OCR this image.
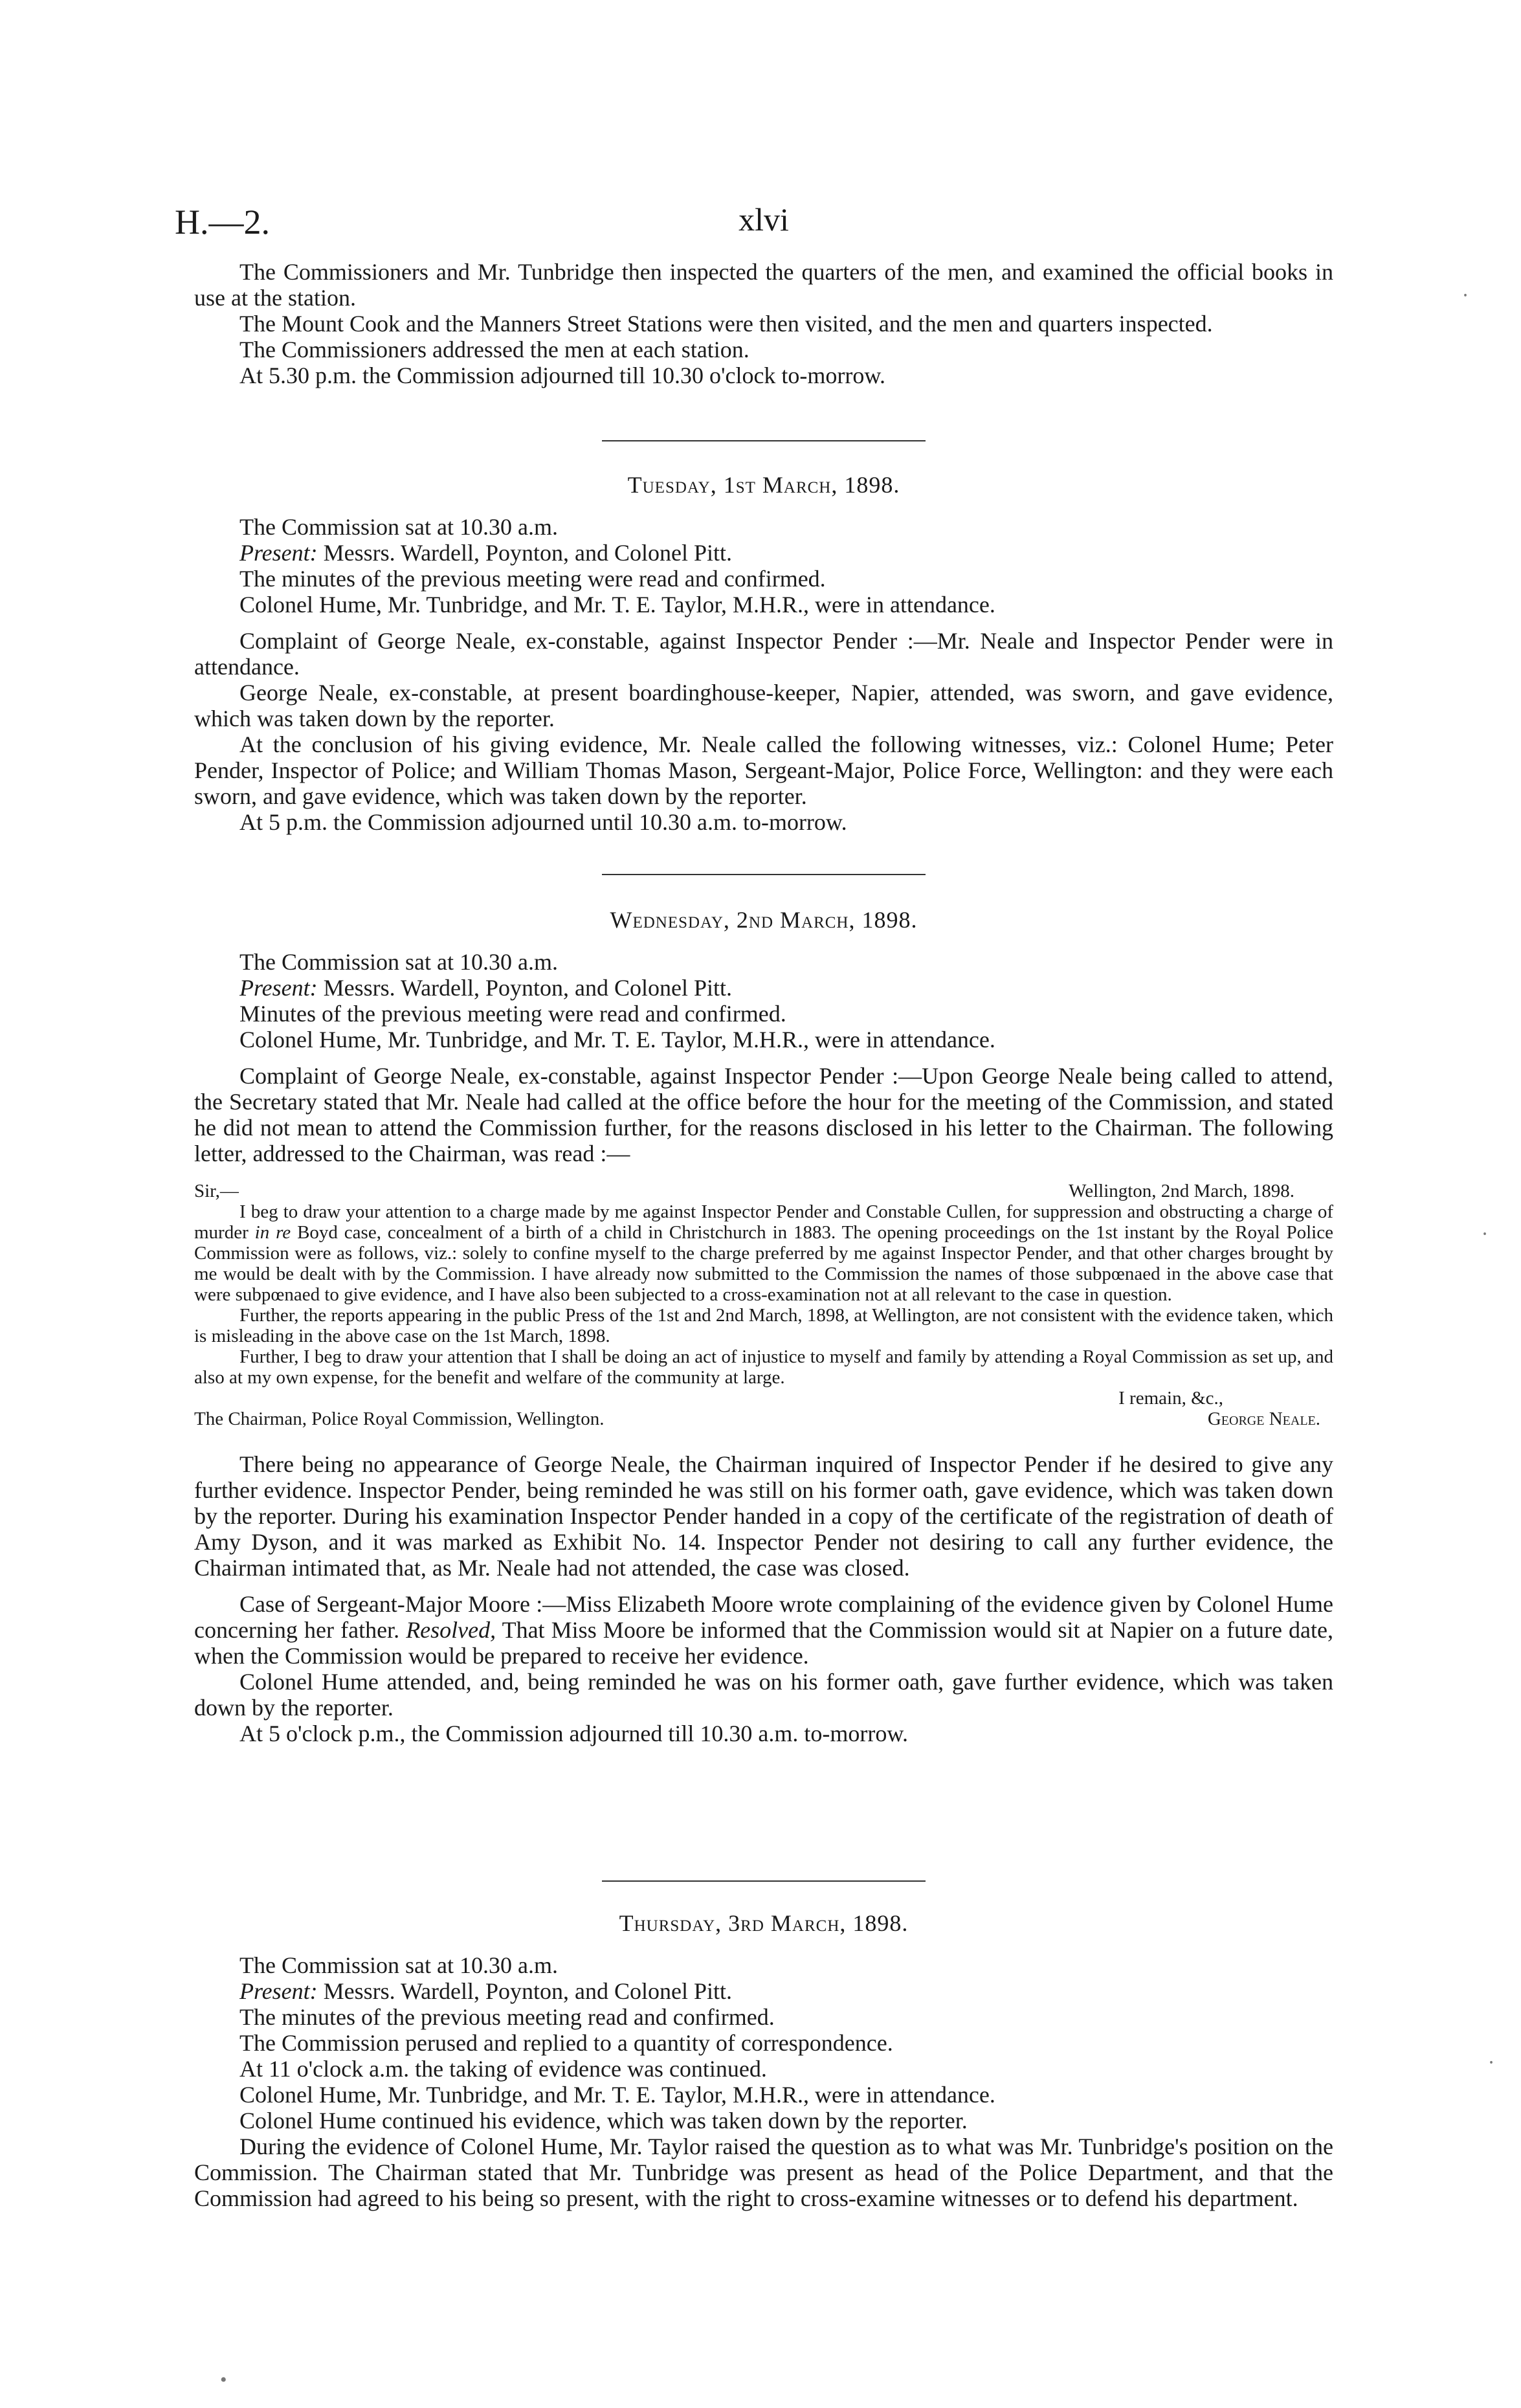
H.—2.	xlvi

The Commissioners and Mr. Tunbridge then inspected the quarters of the men, and examined the official books in use at the station.

The Mount Cook and the Manners Street Stations were then visited, and the men and quarters inspected.

The Commissioners addressed the men at each station.

At 5.30 p.m. the Commission adjourned till 10.30 o'clock to-morrow.

Tuesday, 1st March, 1898.

The Commission sat at 10.30 a.m.

Present: Messrs. Wardell, Poynton, and Colonel Pitt.

The minutes of the previous meeting were read and confirmed.

Colonel Hume, Mr. Tunbridge, and Mr. T. E. Taylor, M.H.R., were in attendance.

Complaint of George Neale, ex-constable, against Inspector Pender :—Mr. Neale and Inspector Pender were in attendance.

George Neale, ex-constable, at present boardinghouse-keeper, Napier, attended, was sworn, and gave evidence, which was taken down by the reporter.

At the conclusion of his giving evidence, Mr. Neale called the following witnesses, viz.: Colonel Hume; Peter Pender, Inspector of Police; and William Thomas Mason, Sergeant-Major, Police Force, Wellington: and they were each sworn, and gave evidence, which was taken down by the reporter.

At 5 p.m. the Commission adjourned until 10.30 a.m. to-morrow.

Wednesday, 2nd March, 1898.

The Commission sat at 10.30 a.m.

Present: Messrs. Wardell, Poynton, and Colonel Pitt.

Minutes of the previous meeting were read and confirmed.

Colonel Hume, Mr. Tunbridge, and Mr. T. E. Taylor, M.H.R., were in attendance.

Complaint of George Neale, ex-constable, against Inspector Pender :—Upon George Neale being called to attend, the Secretary stated that Mr. Neale had called at the office before the hour for the meeting of the Commission, and stated he did not mean to attend the Commission further, for the reasons disclosed in his letter to the Chairman. The following letter, addressed to the Chairman, was read :—

Sir,—	Wellington, 2nd March, 1898.

I beg to draw your attention to a charge made by me against Inspector Pender and Constable Cullen, for suppression and obstructing a charge of murder in re Boyd case, concealment of a birth of a child in Christchurch in 1883. The opening proceedings on the 1st instant by the Royal Police Commission were as follows, viz.: solely to confine myself to the charge preferred by me against Inspector Pender, and that other charges brought by me would be dealt with by the Commission. I have already now submitted to the Commission the names of those subpœnaed in the above case that were subpœnaed to give evidence, and I have also been subjected to a cross-examination not at all relevant to the case in question.

Further, the reports appearing in the public Press of the 1st and 2nd March, 1898, at Wellington, are not consistent with the evidence taken, which is misleading in the above case on the 1st March, 1898.

Further, I beg to draw your attention that I shall be doing an act of injustice to myself and family by attending a Royal Commission as set up, and also at my own expense, for the benefit and welfare of the community at large.

I remain, &c.,
The Chairman, Police Royal Commission, Wellington.	George Neale.

There being no appearance of George Neale, the Chairman inquired of Inspector Pender if he desired to give any further evidence. Inspector Pender, being reminded he was still on his former oath, gave evidence, which was taken down by the reporter. During his examination Inspector Pender handed in a copy of the certificate of the registration of death of Amy Dyson, and it was marked as Exhibit No. 14. Inspector Pender not desiring to call any further evidence, the Chairman intimated that, as Mr. Neale had not attended, the case was closed.

Case of Sergeant-Major Moore :—Miss Elizabeth Moore wrote complaining of the evidence given by Colonel Hume concerning her father. Resolved, That Miss Moore be informed that the Commission would sit at Napier on a future date, when the Commission would be prepared to receive her evidence.

Colonel Hume attended, and, being reminded he was on his former oath, gave further evidence, which was taken down by the reporter.

At 5 o'clock p.m., the Commission adjourned till 10.30 a.m. to-morrow.

Thursday, 3rd March, 1898.

The Commission sat at 10.30 a.m.

Present: Messrs. Wardell, Poynton, and Colonel Pitt.

The minutes of the previous meeting read and confirmed.

The Commission perused and replied to a quantity of correspondence.

At 11 o'clock a.m. the taking of evidence was continued.

Colonel Hume, Mr. Tunbridge, and Mr. T. E. Taylor, M.H.R., were in attendance.

Colonel Hume continued his evidence, which was taken down by the reporter.

During the evidence of Colonel Hume, Mr. Taylor raised the question as to what was Mr. Tunbridge's position on the Commission. The Chairman stated that Mr. Tunbridge was present as head of the Police Department, and that the Commission had agreed to his being so present, with the right to cross-examine witnesses or to defend his department.

⸳
⸳
⸳
•
